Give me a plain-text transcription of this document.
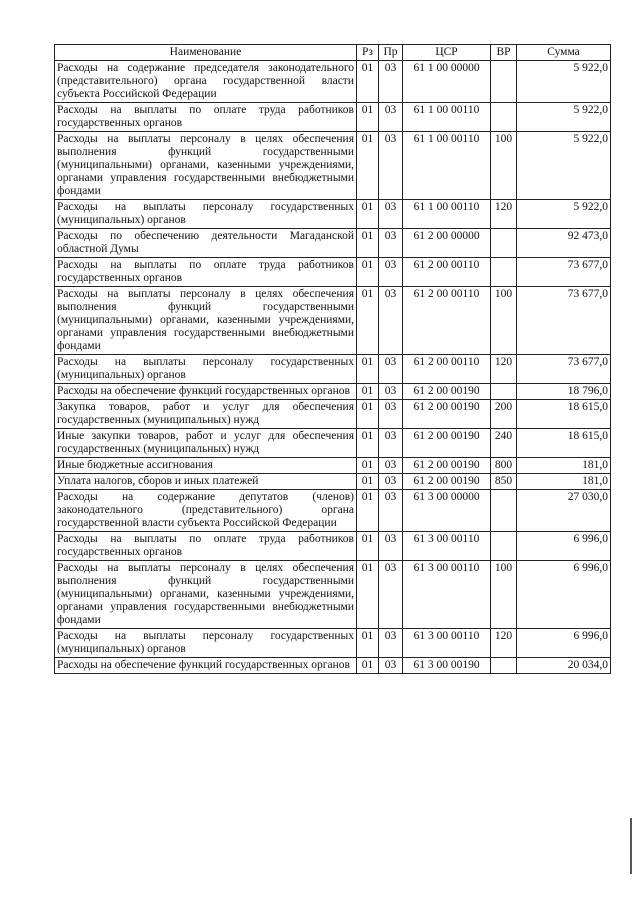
Наименование	Рз	Пр	ЦСР	ВР	Сумма
Расходы на содержание председателя законодательного (представительного) органа государственной власти субъекта Российской Федерации	01	03	61 1 00 00000		5 922,0
Расходы на выплаты по оплате труда работников государственных органов	01	03	61 1 00 00110		5 922,0
Расходы на выплаты персоналу в целях обеспечения выполнения функций государственными (муниципальными) органами, казенными учреждениями, органами управления государственными внебюджетными фондами	01	03	61 1 00 00110	100	5 922,0
Расходы на выплаты персоналу государственных (муниципальных) органов	01	03	61 1 00 00110	120	5 922,0
Расходы по обеспечению деятельности Магаданской областной Думы	01	03	61 2 00 00000		92 473,0
Расходы на выплаты по оплате труда работников государственных органов	01	03	61 2 00 00110		73 677,0
Расходы на выплаты персоналу в целях обеспечения выполнения функций государственными (муниципальными) органами, казенными учреждениями, органами управления государственными внебюджетными фондами	01	03	61 2 00 00110	100	73 677,0
Расходы на выплаты персоналу государственных (муниципальных) органов	01	03	61 2 00 00110	120	73 677,0
Расходы на обеспечение функций государственных органов	01	03	61 2 00 00190		18 796,0
Закупка товаров, работ и услуг для обеспечения государственных (муниципальных) нужд	01	03	61 2 00 00190	200	18 615,0
Иные закупки товаров, работ и услуг для обеспечения государственных (муниципальных) нужд	01	03	61 2 00 00190	240	18 615,0
Иные бюджетные ассигнования	01	03	61 2 00 00190	800	181,0
Уплата налогов, сборов и иных платежей	01	03	61 2 00 00190	850	181,0
Расходы на содержание депутатов (членов) законодательного (представительного) органа государственной власти субъекта Российской Федерации	01	03	61 3 00 00000		27 030,0
Расходы на выплаты по оплате труда работников государственных органов	01	03	61 3 00 00110		6 996,0
Расходы на выплаты персоналу в целях обеспечения выполнения функций государственными (муниципальными) органами, казенными учреждениями, органами управления государственными внебюджетными фондами	01	03	61 3 00 00110	100	6 996,0
Расходы на выплаты персоналу государственных (муниципальных) органов	01	03	61 3 00 00110	120	6 996,0
Расходы на обеспечение функций государственных органов	01	03	61 3 00 00190		20 034,0
